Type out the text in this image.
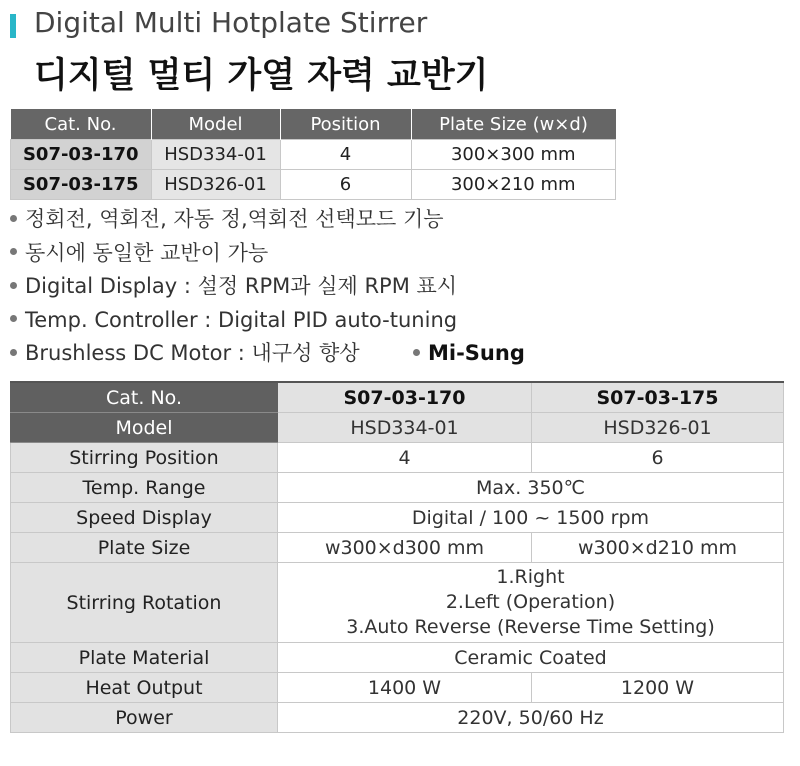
Digital Multi Hotplate Stirrer
디지털 멀티 가열 자력 교반기
Cat. No.	Model	Position	Plate Size (w×d)
S07-03-170	HSD334-01	4	300×300 mm
S07-03-175	HSD326-01	6	300×210 mm
정회전, 역회전, 자동 정,역회전 선택모드 기능
동시에 동일한 교반이 가능
Digital Display : 설정 RPM과 실제 RPM 표시
Temp. Controller : Digital PID auto-tuning
Brushless DC Motor : 내구성 향상	Mi-Sung
Cat. No.	S07-03-170	S07-03-175
Model	HSD334-01	HSD326-01
Stirring Position	4	6
Temp. Range	Max. 350℃	
Speed Display	Digital / 100 ~ 1500 rpm	
Plate Size	w300×d300 mm	w300×d210 mm
Stirring Rotation	1.Right
2.Left (Operation)
3.Auto Reverse (Reverse Time Setting)	

Plate Material	Ceramic Coated	
Heat Output	1400 W	1200 W
Power	220V, 50/60 Hz	
